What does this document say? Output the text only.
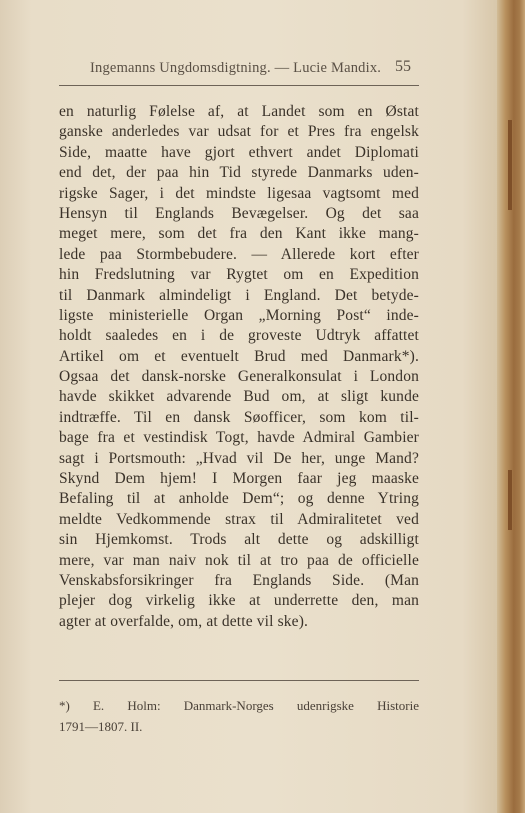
Ingemanns Ungdomsdigtning. — Lucie Mandix. 55
en naturlig Følelse af, at Landet som en Østat
ganske anderledes var udsat for et Pres fra engelsk
Side, maatte have gjort ethvert andet Diplomati
end det, der paa hin Tid styrede Danmarks uden-
rigske Sager, i det mindste ligesaa vagtsomt med
Hensyn til Englands Bevægelser. Og det saa
meget mere, som det fra den Kant ikke mang-
lede paa Stormbebudere. — Allerede kort efter
hin Fredslutning var Rygtet om en Expedition
til Danmark almindeligt i England. Det betyde-
ligste ministerielle Organ „Morning Post“ inde-
holdt saaledes en i de groveste Udtryk affattet
Artikel om et eventuelt Brud med Danmark*).
Ogsaa det dansk-norske Generalkonsulat i London
havde skikket advarende Bud om, at sligt kunde
indtræffe. Til en dansk Søofficer, som kom til-
bage fra et vestindisk Togt, havde Admiral Gambier
sagt i Portsmouth: „Hvad vil De her, unge Mand?
Skynd Dem hjem! I Morgen faar jeg maaske
Befaling til at anholde Dem“; og denne Ytring
meldte Vedkommende strax til Admiralitetet ved
sin Hjemkomst. Trods alt dette og adskilligt
mere, var man naiv nok til at tro paa de officielle
Venskabsforsikringer fra Englands Side. (Man
plejer dog virkelig ikke at underrette den, man
agter at overfalde, om, at dette vil ske).
*) E. Holm: Danmark-Norges udenrigske Historie
1791—1807. II.
